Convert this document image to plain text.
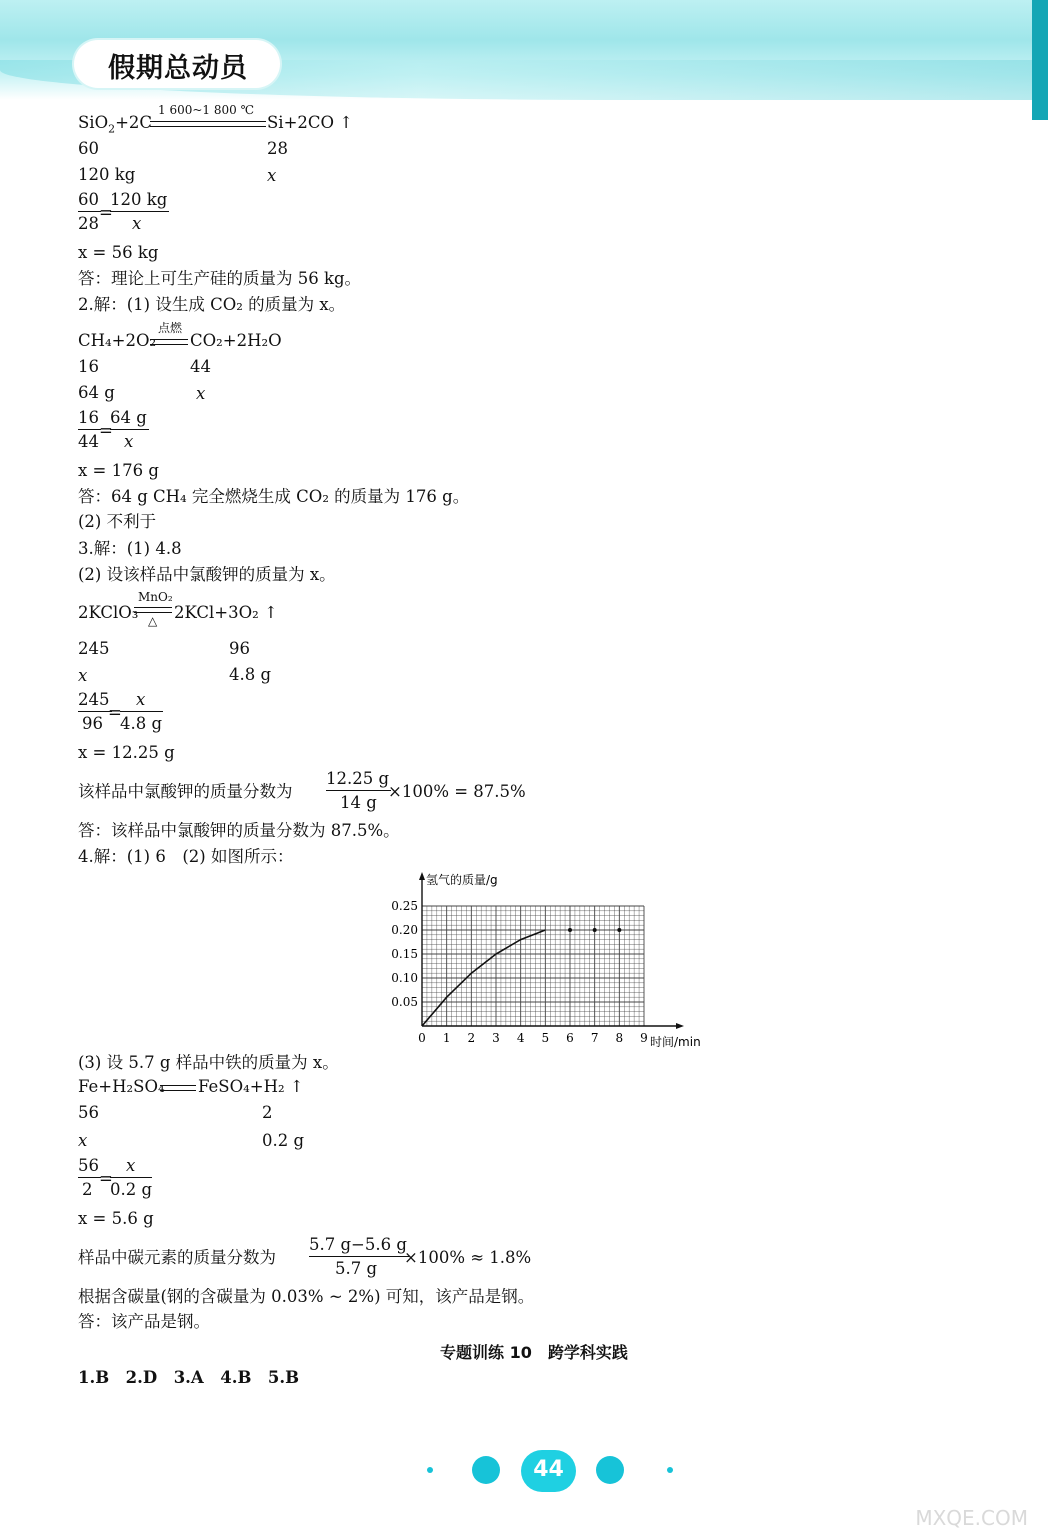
假期总动员
SiO$_2$+2C
1 600~1 800 ℃
Si+2CO ↑
60	28
120 kg	x
$\frac{60}{28}$
=
$\frac{120 kg}{x}$
x = 56 kg
答：理论上可生产硅的质量为 56 kg。
2.解：(1) 设生成 CO₂ 的质量为 x。
CH₄+2O₂
点燃
CO₂+2H₂O
16	44
64 g	x
$\frac{16}{44}$
=
$\frac{64 g}{x}$
x = 176 g
答：64 g CH₄ 完全燃烧生成 CO₂ 的质量为 176 g。
(2) 不利于
3.解：(1) 4.8
(2) 设该样品中氯酸钾的质量为 x。
2KClO₃
MnO₂
△ 2KCl+3O₂ ↑
245	96
x	4.8 g
$\frac{245}{96}$
=
$\frac{x}{4.8 g}$
x = 12.25 g
该样品中氯酸钾的质量分数为 $\frac{12.25 g}{14 g}$
×100% = 87.5%
答：该样品中氯酸钾的质量分数为 87.5%。
4.解：(1) 6　(2) 如图所示：
0 1 2 3 4 5 6 7 8 9
0.05
0.10
0.15
0.20
0.25
氢气的质量/g
时间/min
(3) 设 5.7 g 样品中铁的质量为 x。
Fe+H₂SO₄ FeSO₄+H₂ ↑
56	2
x	0.2 g
$\frac{56}{2}$
=
$\frac{x}{0.2 g}$
x = 5.6 g
样品中碳元素的质量分数为 $\frac{5.7 g-5.6 g}{5.7 g}$
×100% ≈ 1.8%
根据含碳量(钢的含碳量为 0.03% ~ 2%) 可知，该产品是钢。
答：该产品是钢。
专题训练 10　跨学科实践
1.B　2.D　3.A　4.B　5.B
44
MXQE.COM
